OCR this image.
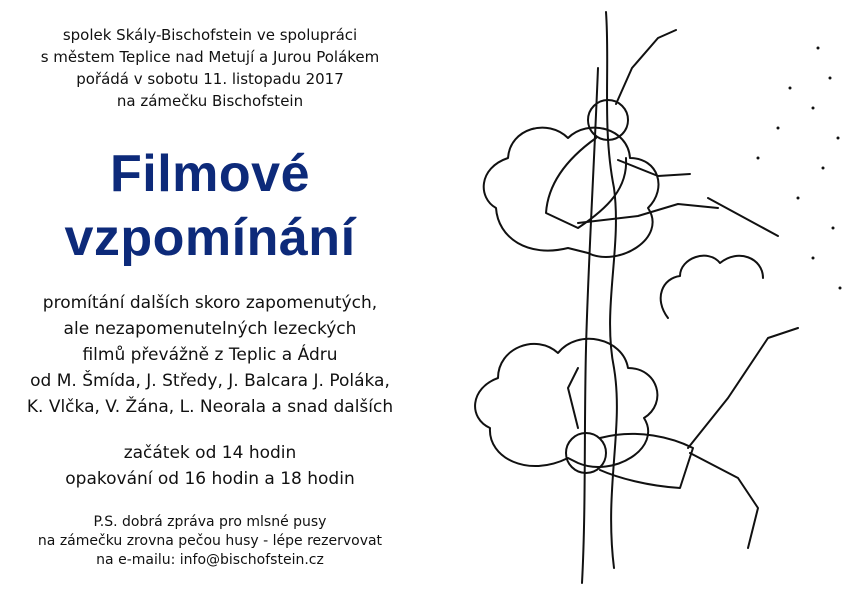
spolek Skály-Bischofstein ve spolupráci
s městem Teplice nad Metují a Jurou Polákem
pořádá v sobotu 11. listopadu 2017
na zámečku Bischofstein
Filmové
vzpomínání
promítání dalších skoro zapomenutých,
ale nezapomenutelných lezeckých
filmů převážně z Teplic a Ádru
od M. Šmída, J. Středy, J. Balcara J. Poláka,
K. Vlčka, V. Žána, L. Neorala a snad dalších
začátek od 14 hodin
opakování od 16 hodin a 18 hodin
P.S. dobrá zpráva pro mlsné pusy
na zámečku zrovna pečou husy - lépe rezervovat
na e-mailu: info@bischofstein.cz
